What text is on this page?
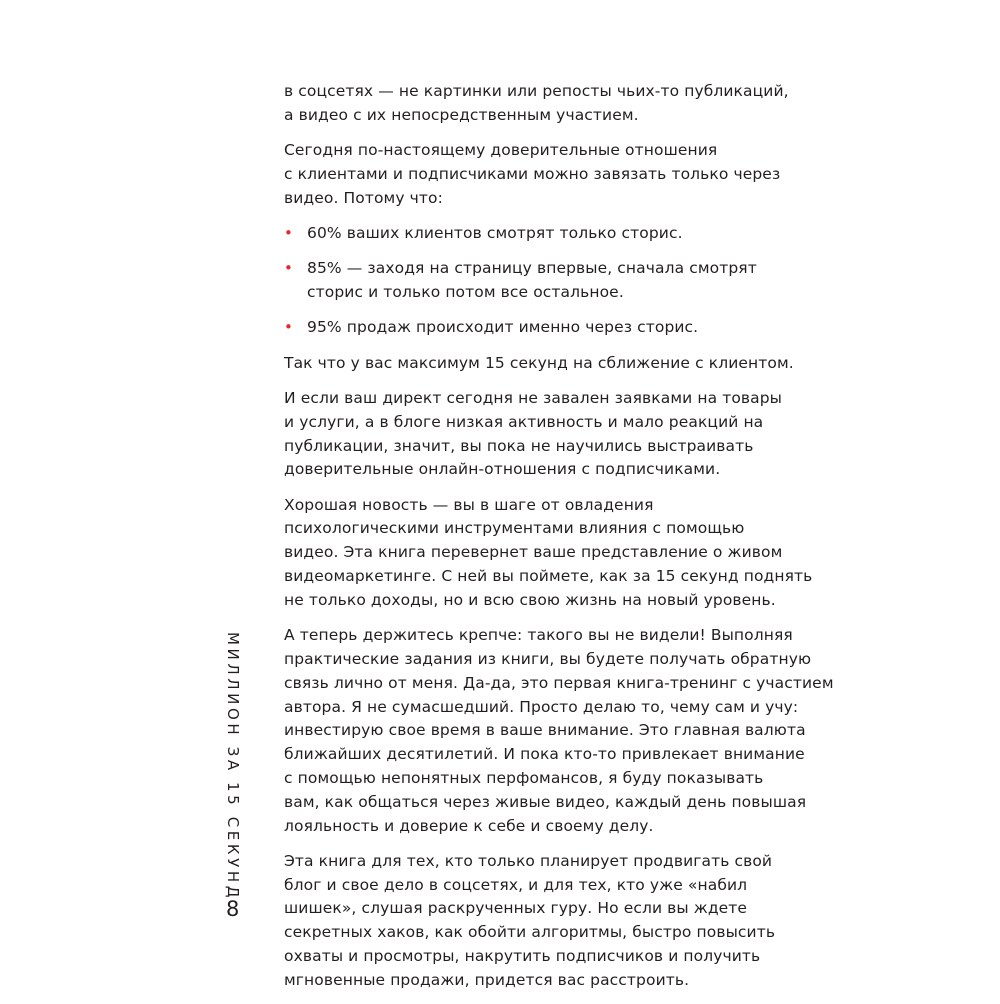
МИЛЛИОН ЗА 15 СЕКУНД
8
в соцсетях — не картинки или репосты чьих-то публикаций,
а видео с их непосредственным участием.
Сегодня по-настоящему доверительные отношения
с клиентами и подписчиками можно завязать только через
видео. Потому что:
• 60% ваших клиентов смотрят только сторис.
• 85% — заходя на страницу впервые, сначала смотрят
сторис и только потом все остальное.
• 95% продаж происходит именно через сторис.
Так что у вас максимум 15 секунд на сближение с клиентом.
И если ваш директ сегодня не завален заявками на товары
и услуги, а в блоге низкая активность и мало реакций на
публикации, значит, вы пока не научились выстраивать
доверительные онлайн-отношения с подписчиками.
Хорошая новость — вы в шаге от овладения
психологическими инструментами влияния с помощью
видео. Эта книга перевернет ваше представление о живом
видеомаркетинге. С ней вы поймете, как за 15 секунд поднять
не только доходы, но и всю свою жизнь на новый уровень.
А теперь держитесь крепче: такого вы не видели! Выполняя
практические задания из книги, вы будете получать обратную
связь лично от меня. Да-да, это первая книга-тренинг с участием
автора. Я не сумасшедший. Просто делаю то, чему сам и учу:
инвестирую свое время в ваше внимание. Это главная валюта
ближайших десятилетий. И пока кто-то привлекает внимание
с помощью непонятных перфомансов, я буду показывать
вам, как общаться через живые видео, каждый день повышая
лояльность и доверие к себе и своему делу.
Эта книга для тех, кто только планирует продвигать свой
блог и свое дело в соцсетях, и для тех, кто уже «набил
шишек», слушая раскрученных гуру. Но если вы ждете
секретных хаков, как обойти алгоритмы, быстро повысить
охваты и просмотры, накрутить подписчиков и получить
мгновенные продажи, придется вас расстроить.
